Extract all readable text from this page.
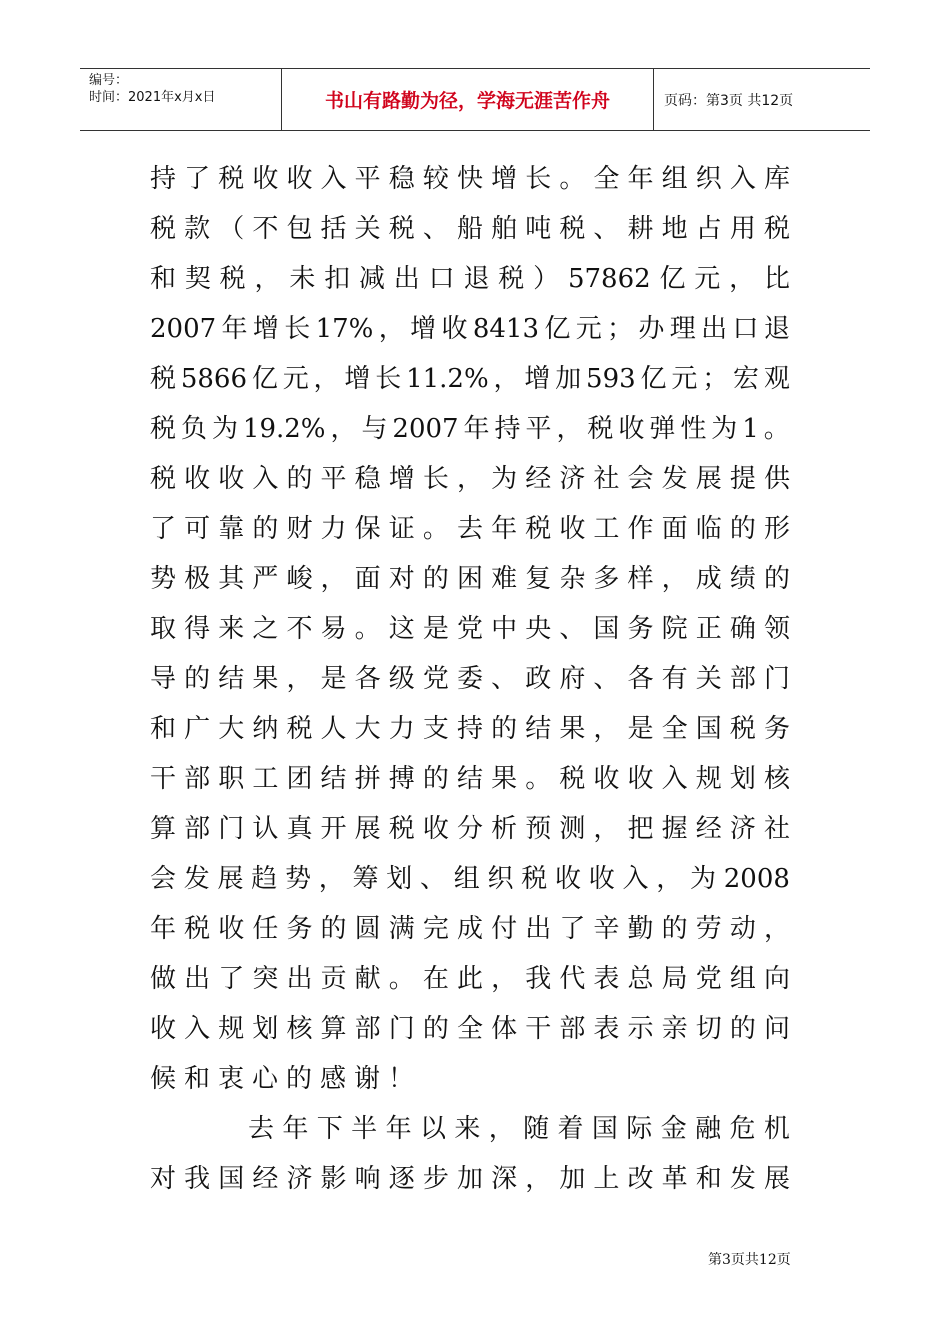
编号：
时间：2021年x月x日	书山有路勤为径，学海无涯苦作舟	页码：第3页 共12页
持 了 税 收 收 入 平 稳 较 快 增 长 。 全 年 组 织 入 库
税 款 （ 不 包 括 关 税 、 船 舶 吨 税 、 耕 地 占 用 税
和 契 税 ， 未 扣 减 出 口 退 税 ） 57862 亿 元 ， 比
2007 年 增 长 17% ， 增 收 8413 亿 元 ； 办 理 出 口 退
税 5866 亿 元 ， 增 长 11.2% ， 增 加 593 亿 元 ； 宏 观
税 负 为 19.2% ， 与 2007 年 持 平 ， 税 收 弹 性 为 1 。
税 收 收 入 的 平 稳 增 长 ， 为 经 济 社 会 发 展 提 供
了 可 靠 的 财 力 保 证 。 去 年 税 收 工 作 面 临 的 形
势 极 其 严 峻 ， 面 对 的 困 难 复 杂 多 样 ， 成 绩 的
取 得 来 之 不 易 。 这 是 党 中 央 、 国 务 院 正 确 领
导 的 结 果 ， 是 各 级 党 委 、 政 府 、 各 有 关 部 门
和 广 大 纳 税 人 大 力 支 持 的 结 果 ， 是 全 国 税 务
干 部 职 工 团 结 拼 搏 的 结 果 。 税 收 收 入 规 划 核
算 部 门 认 真 开 展 税 收 分 析 预 测 ， 把 握 经 济 社
会 发 展 趋 势 ， 筹 划 、 组 织 税 收 收 入 ， 为 2008
年 税 收 任 务 的 圆 满 完 成 付 出 了 辛 勤 的 劳 动 ，
做 出 了 突 出 贡 献 。 在 此 ， 我 代 表 总 局 党 组 向
收 入 规 划 核 算 部 门 的 全 体 干 部 表 示 亲 切 的 问
候和衷心的感谢！
去 年 下 半 年 以 来 ， 随 着 国 际 金 融 危 机
对 我 国 经 济 影 响 逐 步 加 深 ， 加 上 改 革 和 发 展
第3页共12页
